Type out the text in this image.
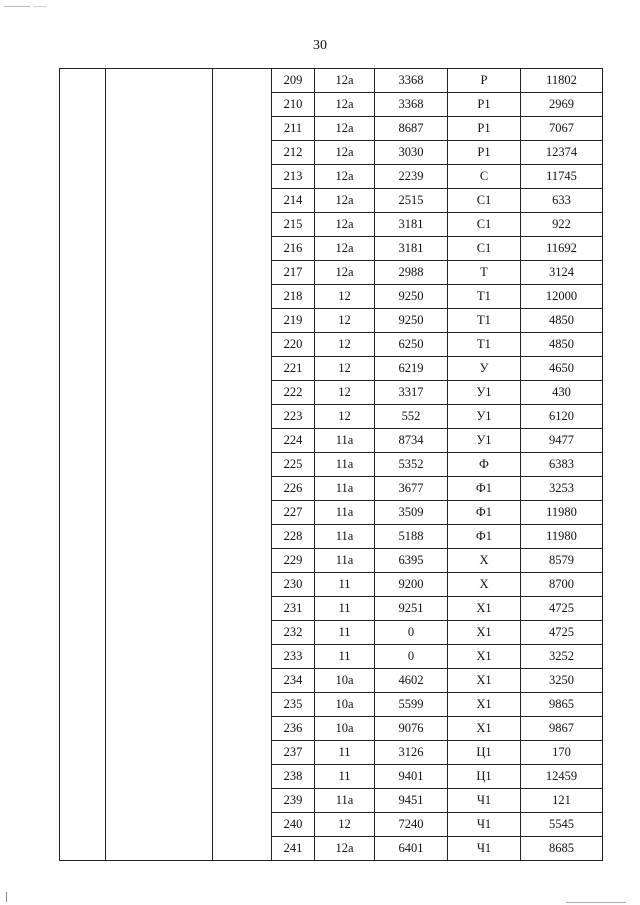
30
			209	12a	3368	P	11802
			210	12a	3368	P1	2969
			211	12a	8687	P1	7067
			212	12a	3030	P1	12374
			213	12a	2239	C	11745
			214	12a	2515	C1	633
			215	12a	3181	C1	922
			216	12a	3181	C1	11692
			217	12a	2988	T	3124
			218	12	9250	T1	12000
			219	12	9250	T1	4850
			220	12	6250	T1	4850
			221	12	6219	У	4650
			222	12	3317	У1	430
			223	12	552	У1	6120
			224	11a	8734	У1	9477
			225	11a	5352	Ф	6383
			226	11a	3677	Ф1	3253
			227	11a	3509	Ф1	11980
			228	11a	5188	Ф1	11980
			229	11a	6395	X	8579
			230	11	9200	X	8700
			231	11	9251	X1	4725
			232	11	0	X1	4725
			233	11	0	X1	3252
			234	10a	4602	X1	3250
			235	10a	5599	X1	9865
			236	10a	9076	X1	9867
			237	11	3126	Ц1	170
			238	11	9401	Ц1	12459
			239	11a	9451	Ч1	121
			240	12	7240	Ч1	5545
			241	12a	6401	Ч1	8685
